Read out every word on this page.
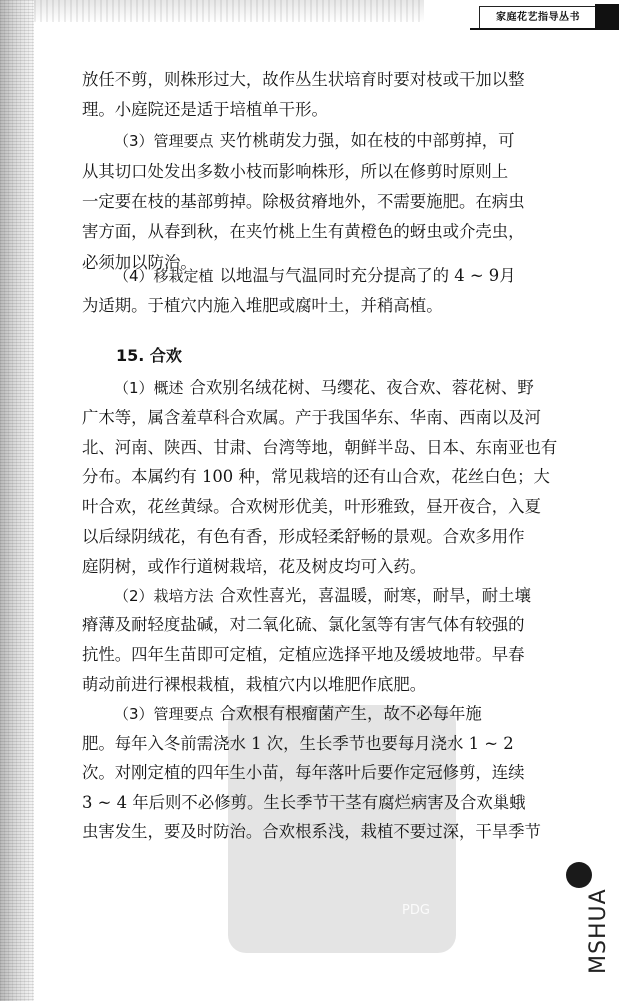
家庭花艺指导丛书
放任不剪，则株形过大，故作丛生状培育时要对枝或干加以整
理。小庭院还是适于培植单干形。
（3）管理要点 夹竹桃萌发力强，如在枝的中部剪掉，可
从其切口处发出多数小枝而影响株形，所以在修剪时原则上
一定要在枝的基部剪掉。除极贫瘠地外，不需要施肥。在病虫
害方面，从春到秋，在夹竹桃上生有黄橙色的蚜虫或介壳虫，
必须加以防治。
（4）移栽定植 以地温与气温同时充分提高了的 4 ~ 9月
为适期。于植穴内施入堆肥或腐叶土，并稍高植。
15. 合欢
（1）概述 合欢别名绒花树、马缨花、夜合欢、蓉花树、野
广木等，属含羞草科合欢属。产于我国华东、华南、西南以及河
北、河南、陕西、甘肃、台湾等地，朝鲜半岛、日本、东南亚也有
分布。本属约有 100 种，常见栽培的还有山合欢，花丝白色；大
叶合欢，花丝黄绿。合欢树形优美，叶形雅致，昼开夜合，入夏
以后绿阴绒花，有色有香，形成轻柔舒畅的景观。合欢多用作
庭阴树，或作行道树栽培，花及树皮均可入药。
（2）栽培方法 合欢性喜光，喜温暖，耐寒，耐旱，耐土壤
瘠薄及耐轻度盐碱，对二氧化硫、氯化氢等有害气体有较强的
抗性。四年生苗即可定植，定植应选择平地及缓坡地带。早春
萌动前进行裸根栽植，栽植穴内以堆肥作底肥。
PDG
（3）管理要点 合欢根有根瘤菌产生，故不必每年施
肥。每年入冬前需浇水 1 次，生长季节也要每月浇水 1 ~ 2
次。对刚定植的四年生小苗，每年落叶后要作定冠修剪，连续
3 ~ 4 年后则不必修剪。生长季节干茎有腐烂病害及合欢巢蛾
虫害发生，要及时防治。合欢根系浅，栽植不要过深，干旱季节
MSHUA
